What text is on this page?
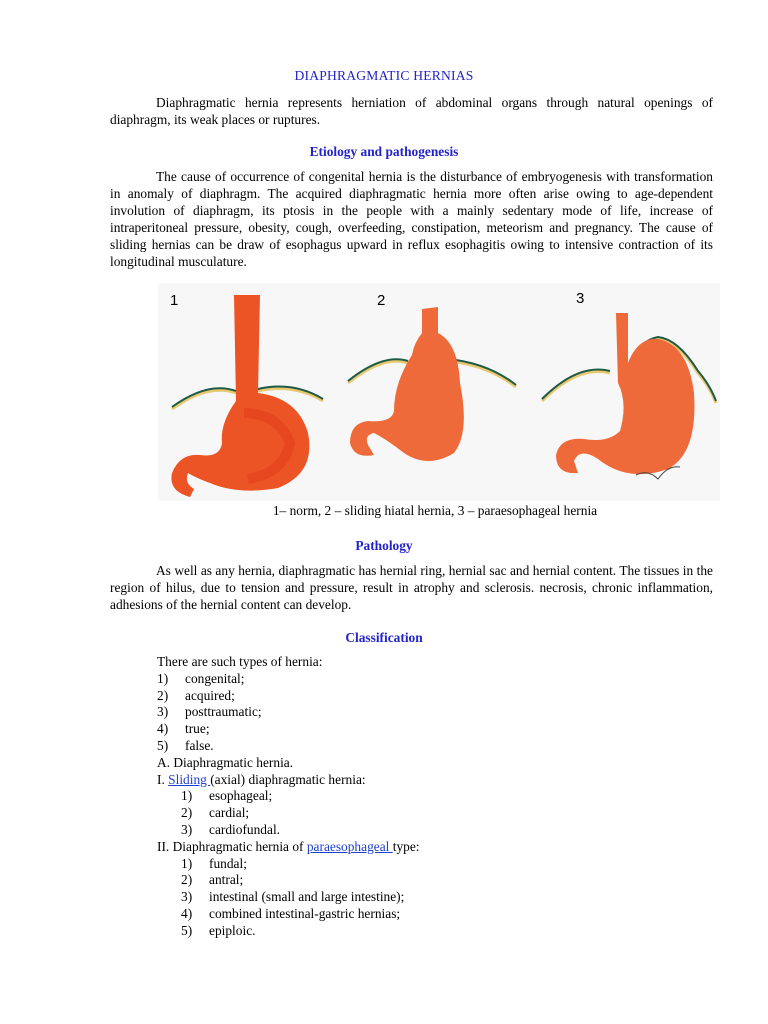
DIAPHRAGMATIC HERNIAS

Diaphragmatic hernia represents herniation of abdominal organs through natural openings of diaphragm, its weak places or ruptures.

Etiology and pathogenesis

The cause of occurrence of congenital hernia is the disturbance of embryogenesis with transformation in anomaly of diaphragm. The acquired diaphragmatic hernia more often arise owing to age-dependent involution of diaphragm, its ptosis in the people with a mainly sedentary mode of life, increase of intraperitoneal pressure, obesity, cough, overfeeding, constipation, meteorism and pregnancy. The cause of sliding hernias can be draw of esophagus upward in reflux esophagitis owing to intensive contraction of its longitudinal musculature.

1	2	3
1– norm, 2 – sliding hiatal hernia, 3 – paraesophageal hernia
Pathology

As well as any hernia, diaphragmatic has hernial ring, hernial sac and hernial content. The tissues in the region of hilus, due to tension and pressure, result in atrophy and sclerosis. necrosis, chronic inflammation, adhesions of the hernial content can develop.

Classification
There are such types of hernia:
1) congenital;
2) acquired;
3) posttraumatic;
4) true;
5) false.
A. Diaphragmatic hernia.
I. Sliding (axial) diaphragmatic hernia:
1) esophageal;
2) cardial;
3) cardiofundal.
II. Diaphragmatic hernia of paraesophageal type:
1) fundal;
2) antral;
3) intestinal (small and large intestine);
4) combined intestinal-gastric hernias;
5) epiploic.
